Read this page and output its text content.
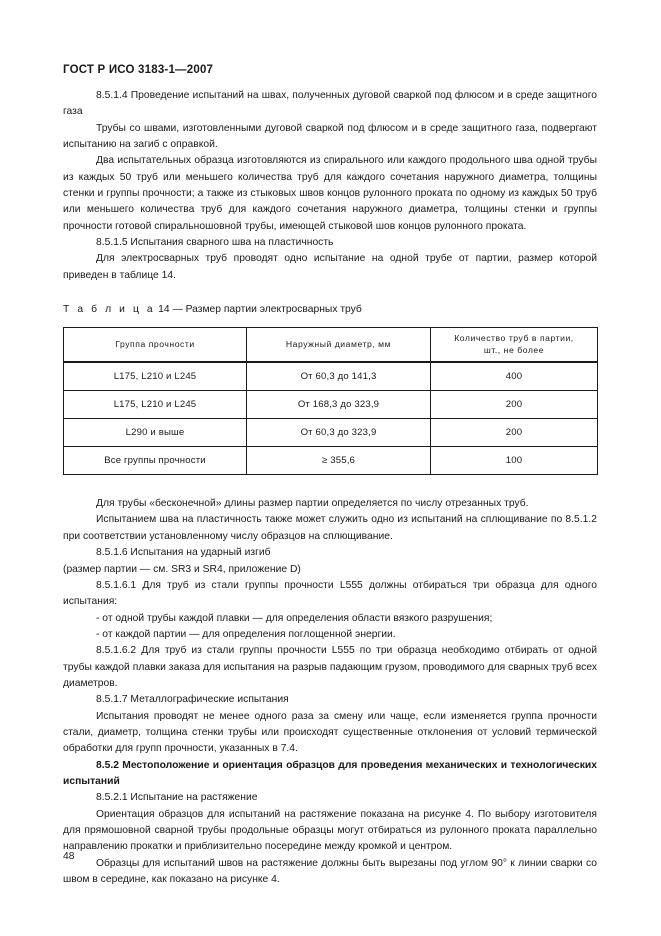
ГОСТ Р ИСО 3183-1—2007

8.5.1.4 Проведение испытаний на швах, полученных дуговой сваркой под флюсом и в среде защитного газа

Трубы со швами, изготовленными дуговой сваркой под флюсом и в среде защитного газа, подвергают испытанию на загиб с оправкой.

Два испытательных образца изготовляются из спирального или каждого продольного шва одной трубы из каждых 50 труб или меньшего количества труб для каждого сочетания наружного диаметра, толщины стенки и группы прочности; а также из стыковых швов концов рулонного проката по одному из каждых 50 труб или меньшего количества труб для каждого сочетания наружного диаметра, толщины стенки и группы прочности готовой спиральношовной трубы, имеющей стыковой шов концов рулонного проката.

8.5.1.5 Испытания сварного шва на пластичность

Для электросварных труб проводят одно испытание на одной трубе от партии, размер которой приведен в таблице 14.

Т а б л и ц а 14 — Размер партии электросварных труб

Группа прочности	Наружный диаметр, мм	Количество труб в партии,
шт., не более
L175, L210 и L245	От 60,3 до 141,3	400
L175, L210 и L245	От 168,3 до 323,9	200
L290 и выше	От 60,3 до 323,9	200
Все группы прочности	≥ 355,6	100

Для трубы «бесконечной» длины размер партии определяется по числу отрезанных труб.

Испытанием шва на пластичность также может служить одно из испытаний на сплющивание по 8.5.1.2 при соответствии установленному числу образцов на сплющивание.

8.5.1.6 Испытания на ударный изгиб

(размер партии — см. SR3 и SR4, приложение D)

8.5.1.6.1 Для труб из стали группы прочности L555 должны отбираться три образца для одного испытания:

- от одной трубы каждой плавки — для определения области вязкого разрушения;

- от каждой партии — для определения поглощенной энергии.

8.5.1.6.2 Для труб из стали группы прочности L555 по три образца необходимо отбирать от одной трубы каждой плавки заказа для испытания на разрыв падающим грузом, проводимого для сварных труб всех диаметров.

8.5.1.7 Металлографические испытания

Испытания проводят не менее одного раза за смену или чаще, если изменяется группа прочности стали, диаметр, толщина стенки трубы или происходят существенные отклонения от условий термической обработки для групп прочности, указанных в 7.4.

8.5.2 Местоположение и ориентация образцов для проведения механических и технологических испытаний

8.5.2.1 Испытание на растяжение

Ориентация образцов для испытаний на растяжение показана на рисунке 4. По выбору изготовителя для прямошовной сварной трубы продольные образцы могут отбираться из рулонного проката параллельно направлению прокатки и приблизительно посередине между кромкой и центром.

Образцы для испытаний швов на растяжение должны быть вырезаны под углом 90° к линии сварки со швом в середине, как показано на рисунке 4.

48
